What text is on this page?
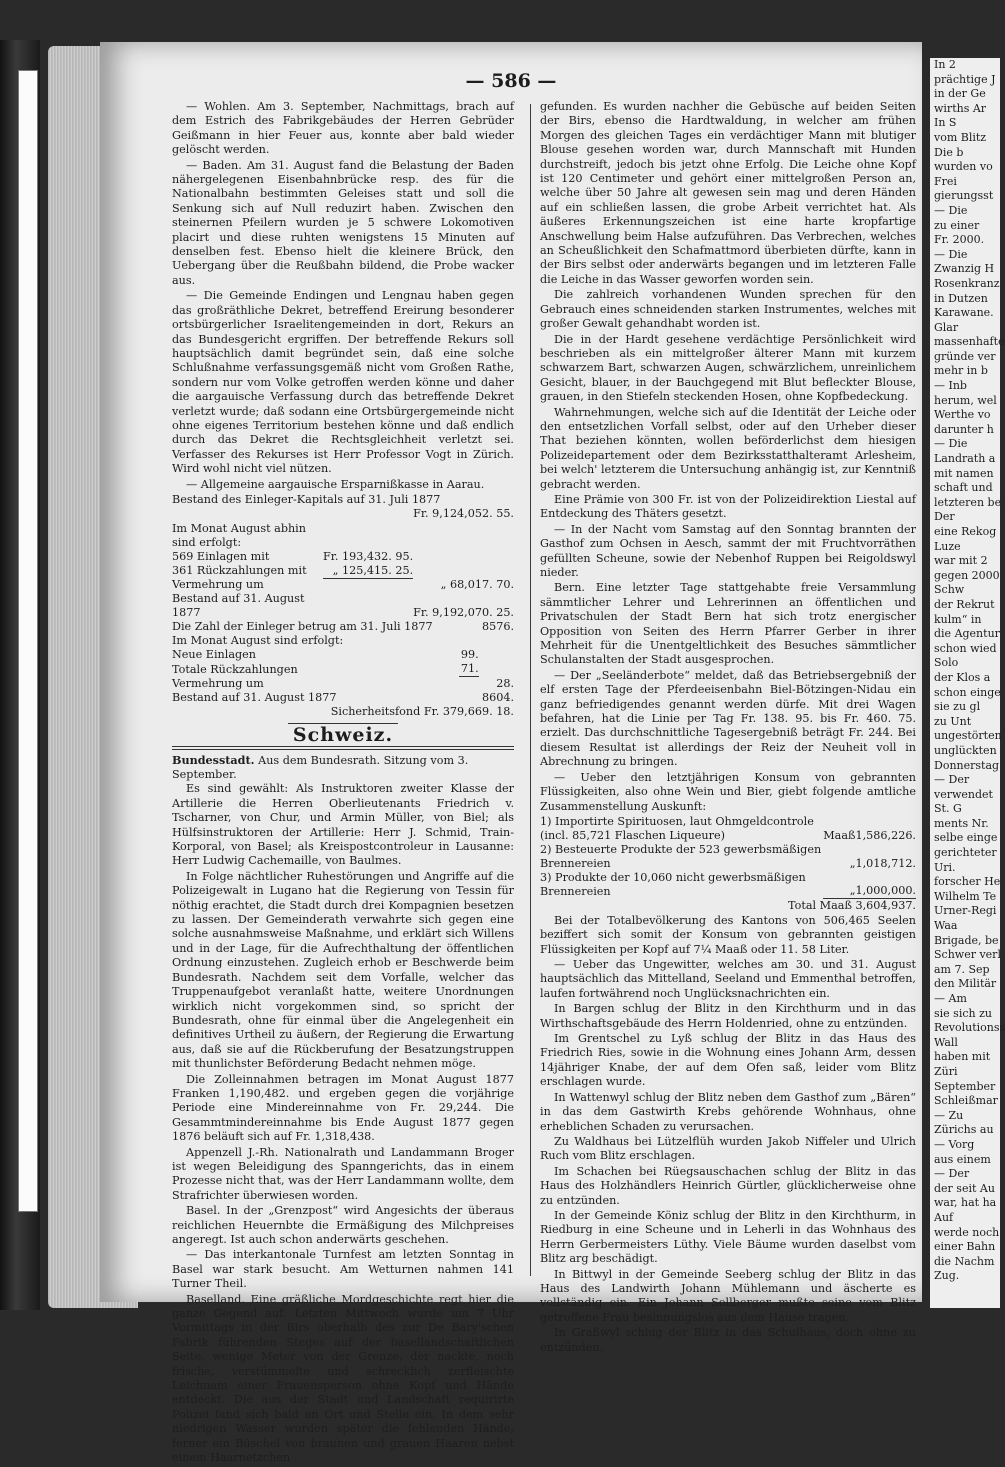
— 586 —

— Wohlen. Am 3. September, Nachmittags, brach auf dem Estrich des Fabrikgebäudes der Herren Gebrüder Geißmann in hier Feuer aus, konnte aber bald wieder gelöscht werden.

— Baden. Am 31. August fand die Belastung der Baden nähergelegenen Eisenbahnbrücke resp. des für die Nationalbahn bestimmten Geleises statt und soll die Senkung sich auf Null reduzirt haben. Zwischen den steinernen Pfeilern wurden je 5 schwere Lokomotiven placirt und diese ruhten wenigstens 15 Minuten auf denselben fest. Ebenso hielt die kleinere Brück, den Uebergang über die Reußbahn bildend, die Probe wacker aus.

— Die Gemeinde Endingen und Lengnau haben gegen das großräthliche Dekret, betreffend Ereirung besonderer ortsbürgerlicher Israelitengemeinden in dort, Rekurs an das Bundesgericht ergriffen. Der betreffende Rekurs soll hauptsächlich damit begründet sein, daß eine solche Schlußnahme verfassungsgemäß nicht vom Großen Rathe, sondern nur vom Volke getroffen werden könne und daher die aargauische Verfassung durch das betreffende Dekret verletzt wurde; daß sodann eine Ortsbürgergemeinde nicht ohne eigenes Territorium bestehen könne und daß endlich durch das Dekret die Rechtsgleichheit verletzt sei. Verfasser des Rekurses ist Herr Professor Vogt in Zürich. Wird wohl nicht viel nützen.

— Allgemeine aargauische Ersparnißkasse in Aarau.

Bestand des Einleger-Kapitals auf 31. Juli 1877

Fr. 9,124,052. 55.

Im Monat August abhin sind erfolgt:		
569 Einlagen mit	Fr. 193,432. 95.	
361 Rückzahlungen mit	„ 125,415. 25.	
Vermehrung um		„ 68,017. 70.
Bestand auf 31. August 1877		Fr. 9,192,070. 25.
Die Zahl der Einleger betrug am 31. Juli 1877		8576.
Im Monat August sind erfolgt:		
Neue Einlagen	99.	
Totale Rückzahlungen	71.	
Vermehrung um		28.
Bestand auf 31. August 1877		8604.

Sicherheitsfond Fr. 379,669. 18.

Schweiz.

Bundesstadt. Aus dem Bundesrath. Sitzung vom 3. September.

Es sind gewählt: Als Instruktoren zweiter Klasse der Artillerie die Herren Oberlieutenants Friedrich v. Tscharner, von Chur, und Armin Müller, von Biel; als Hülfsinstruktoren der Artillerie: Herr J. Schmid, Train-Korporal, von Basel; als Kreispostcontroleur in Lausanne: Herr Ludwig Cachemaille, von Baulmes.

In Folge nächtlicher Ruhestörungen und Angriffe auf die Polizeigewalt in Lugano hat die Regierung von Tessin für nöthig erachtet, die Stadt durch drei Kompagnien besetzen zu lassen. Der Gemeinderath verwahrte sich gegen eine solche ausnahmsweise Maßnahme, und erklärt sich Willens und in der Lage, für die Aufrechthaltung der öffentlichen Ordnung einzustehen. Zugleich erhob er Beschwerde beim Bundesrath. Nachdem seit dem Vorfalle, welcher das Truppenaufgebot veranlaßt hatte, weitere Unordnungen wirklich nicht vorgekommen sind, so spricht der Bundesrath, ohne für einmal über die Angelegenheit ein definitives Urtheil zu äußern, der Regierung die Erwartung aus, daß sie auf die Rückberufung der Besatzungstruppen mit thunlichster Beförderung Bedacht nehmen möge.

Die Zolleinnahmen betragen im Monat August 1877 Franken 1,190,482. und ergeben gegen die vorjährige Periode eine Mindereinnahme von Fr. 29,244. Die Gesammtmindereinnahme bis Ende August 1877 gegen 1876 beläuft sich auf Fr. 1,318,438.

Appenzell J.-Rh. Nationalrath und Landammann Broger ist wegen Beleidigung des Spanngerichts, das in einem Prozesse nicht that, was der Herr Landammann wollte, dem Strafrichter überwiesen worden.

Basel. In der „Grenzpost“ wird Angesichts der überaus reichlichen Heuernbte die Ermäßigung des Milchpreises angeregt. Ist auch schon anderwärts geschehen.

— Das interkantonale Turnfest am letzten Sonntag in Basel war stark besucht. Am Wetturnen nahmen 141 Turner Theil.

Baselland. Eine gräßliche Mordgeschichte regt hier die ganze Gegend auf. Letzten Mittwoch wurde um 7 Uhr Vormittags in der Birs oberhalb des zur De Bary'schen Fabrik führenden Steges auf der basellandschaftlichen Seite, wenige Meter von der Grenze, der nackte, noch frische, verstümmelte und schrecklich zerfleischte Leichnam einer Frauensperson ohne Kopf und Hände entdeckt. Die aus der Stadt und Landschaft requirirte Polizei fand sich bald an Ort und Stelle ein. In dem sehr niedrigen Wasser wurden später die fehlenden Hände, ferner ein Büschel von braunen und grauen Haaren nebst einem Haarnetzchen

gefunden. Es wurden nachher die Gebüsche auf beiden Seiten der Birs, ebenso die Hardtwaldung, in welcher am frühen Morgen des gleichen Tages ein verdächtiger Mann mit blutiger Blouse gesehen worden war, durch Mannschaft mit Hunden durchstreift, jedoch bis jetzt ohne Erfolg. Die Leiche ohne Kopf ist 120 Centimeter und gehört einer mittelgroßen Person an, welche über 50 Jahre alt gewesen sein mag und deren Händen auf ein schließen lassen, die grobe Arbeit verrichtet hat. Als äußeres Erkennungszeichen ist eine harte kropfartige Anschwellung beim Halse aufzuführen. Das Verbrechen, welches an Scheußlichkeit den Schafmattmord überbieten dürfte, kann in der Birs selbst oder anderwärts begangen und im letzteren Falle die Leiche in das Wasser geworfen worden sein.

Die zahlreich vorhandenen Wunden sprechen für den Gebrauch eines schneidenden starken Instrumentes, welches mit großer Gewalt gehandhabt worden ist.

Die in der Hardt gesehene verdächtige Persönlichkeit wird beschrieben als ein mittelgroßer älterer Mann mit kurzem schwarzem Bart, schwarzen Augen, schwärzlichem, unreinlichem Gesicht, blauer, in der Bauchgegend mit Blut befleckter Blouse, grauen, in den Stiefeln steckenden Hosen, ohne Kopfbedeckung.

Wahrnehmungen, welche sich auf die Identität der Leiche oder den entsetzlichen Vorfall selbst, oder auf den Urheber dieser That beziehen könnten, wollen beförderlichst dem hiesigen Polizeidepartement oder dem Bezirksstatthalteramt Arlesheim, bei welch' letzterem die Untersuchung anhängig ist, zur Kenntniß gebracht werden.

Eine Prämie von 300 Fr. ist von der Polizeidirektion Liestal auf Entdeckung des Thäters gesetzt.

— In der Nacht vom Samstag auf den Sonntag brannten der Gasthof zum Ochsen in Aesch, sammt der mit Fruchtvorräthen gefüllten Scheune, sowie der Nebenhof Ruppen bei Reigoldswyl nieder.

Bern. Eine letzter Tage stattgehabte freie Versammlung sämmtlicher Lehrer und Lehrerinnen an öffentlichen und Privatschulen der Stadt Bern hat sich trotz energischer Opposition von Seiten des Herrn Pfarrer Gerber in ihrer Mehrheit für die Unentgeltlichkeit des Besuches sämmtlicher Schulanstalten der Stadt ausgesprochen.

— Der „Seeländerbote“ meldet, daß das Betriebsergebniß der elf ersten Tage der Pferdeeisenbahn Biel-Bötzingen-Nidau ein ganz befriedigendes genannt werden dürfe. Mit drei Wagen befahren, hat die Linie per Tag Fr. 138. 95. bis Fr. 460. 75. erzielt. Das durchschnittliche Tagesergebniß beträgt Fr. 244. Bei diesem Resultat ist allerdings der Reiz der Neuheit voll in Abrechnung zu bringen.

— Ueber den letztjährigen Konsum von gebrannten Flüssigkeiten, also ohne Wein und Bier, giebt folgende amtliche Zusammenstellung Auskunft:

1) Importirte Spirituosen, laut Ohmgeldcontrole (incl. 85,721 Flaschen Liqueure)	Maaß	1,586,226.
2) Besteuerte Produkte der 523 gewerbsmäßigen Brennereien	„	1,018,712.
3) Produkte der 10,060 nicht gewerbsmäßigen Brennereien	„	1,000,000.

Total Maaß 3,604,937.

Bei der Totalbevölkerung des Kantons von 506,465 Seelen beziffert sich somit der Konsum von gebrannten geistigen Flüssigkeiten per Kopf auf 7¼ Maaß oder 11. 58 Liter.

— Ueber das Ungewitter, welches am 30. und 31. August hauptsächlich das Mittelland, Seeland und Emmenthal betroffen, laufen fortwährend noch Unglücksnachrichten ein.

In Bargen schlug der Blitz in den Kirchthurm und in das Wirthschaftsgebäude des Herrn Holdenried, ohne zu entzünden.

Im Grentschel zu Lyß schlug der Blitz in das Haus des Friedrich Ries, sowie in die Wohnung eines Johann Arm, dessen 14jähriger Knabe, der auf dem Ofen saß, leider vom Blitz erschlagen wurde.

In Wattenwyl schlug der Blitz neben dem Gasthof zum „Bären“ in das dem Gastwirth Krebs gehörende Wohnhaus, ohne erheblichen Schaden zu verursachen.

Zu Waldhaus bei Lützelflüh wurden Jakob Niffeler und Ulrich Ruch vom Blitz erschlagen.

Im Schachen bei Rüegsauschachen schlug der Blitz in das Haus des Holzhändlers Heinrich Gürtler, glücklicherweise ohne zu entzünden.

In der Gemeinde Köniz schlug der Blitz in den Kirchthurm, in Riedburg in eine Scheune und in Leherli in das Wohnhaus des Herrn Gerbermeisters Lüthy. Viele Bäume wurden daselbst vom Blitz arg beschädigt.

In Bittwyl in der Gemeinde Seeberg schlug der Blitz in das Haus des Landwirth Johann Mühlemann und äscherte es vollständig ein. Ein Johann Sollberger mußte seine vom Blitz getroffene Frau besinnungslos aus dem Hause tragen.

In Graßwyl schlug der Blitz in das Schulhaus, doch ohne zu entzünden.

In 2
prächtige J
in der Ge
wirths Ar
In S
vom Blitz
Die b
wurden vo
Frei
gierungsst
— Die
zu einer
Fr. 2000.
— Die
Zwanzig H
Rosenkranz
in Dutzen
Karawane.
Glar
massenhafte
gründe ver
mehr in b
— Inb
herum, wel
Werthe vo
darunter h
— Die
Landrath a
mit namen
schaft und
letzteren be
Der
eine Rekog
Luze
war mit 2
gegen 2000
Schw
der Rekrut
kulm“ in
die Agentur
schon wied
Solo
der Klos a
schon einge
sie zu gl
zu Unt
ungestörten
unglückten
Donnerstag
— Der
verwendet
St. G
ments Nr.
selbe einge
gerichteter
Uri.
forscher He
Wilhelm Te
Urner-Regi
Waa
Brigade, be
Schwer verl
am 7. Sep
den Militär
— Am
sie sich zu
Revolutionss
Wall
haben mit
Züri
September
Schleißmar
— Zu
Zürichs au
— Vorg
aus einem
— Der
der seit Au
war, hat ha
Auf
werde noch
einer Bahn
die Nachm
Zug.
